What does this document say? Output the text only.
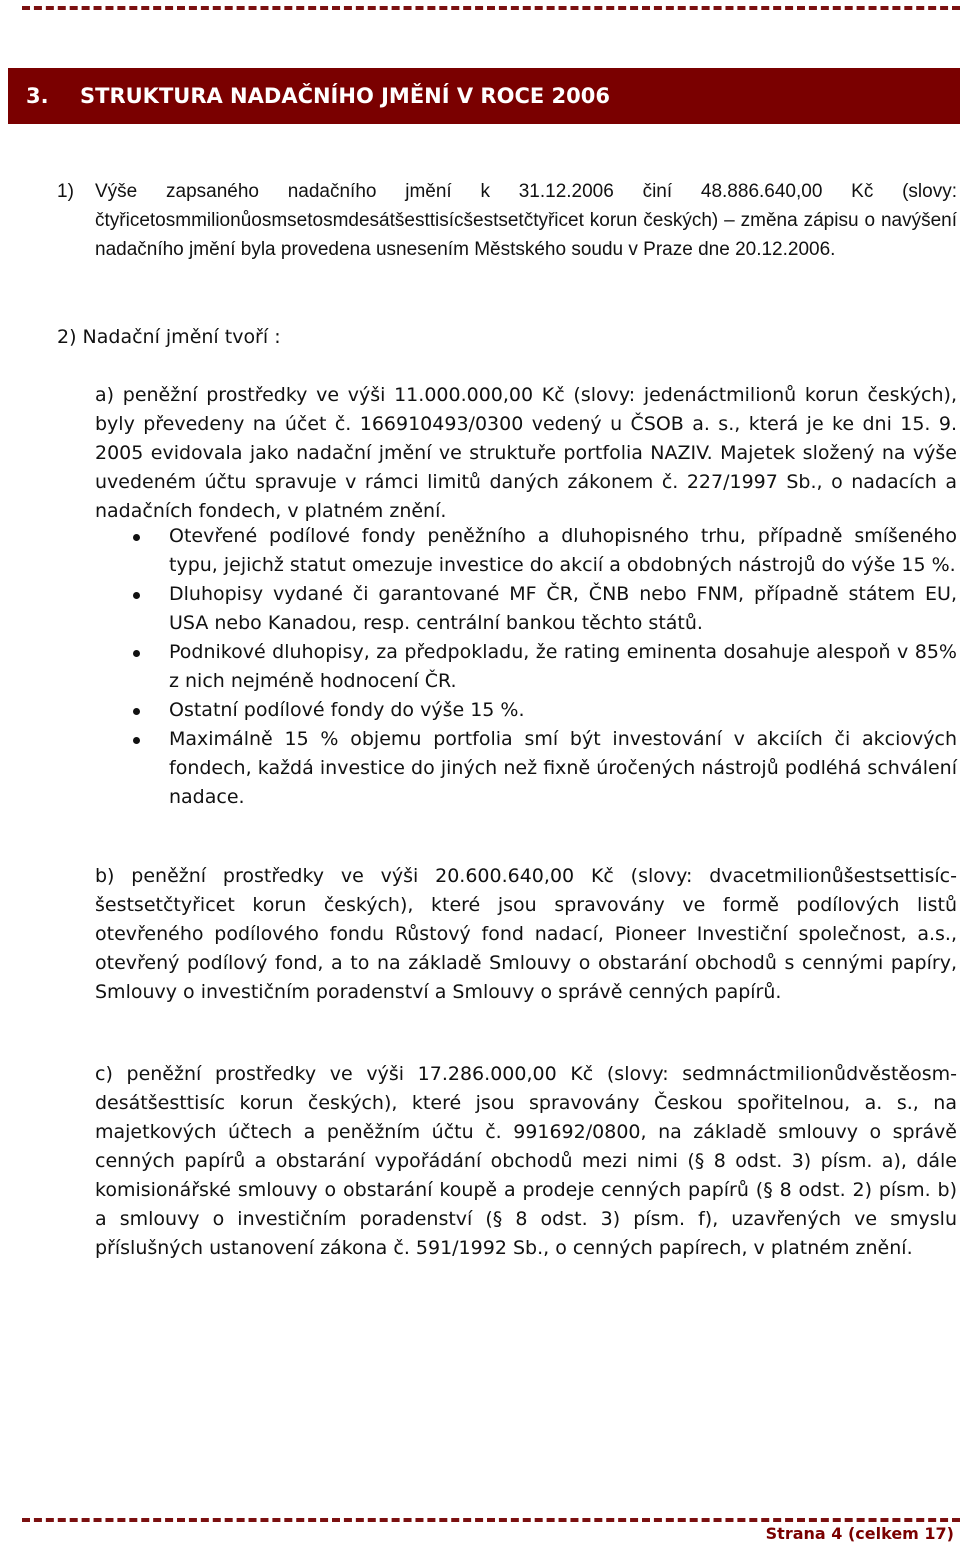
3. STRUKTURA NADAČNÍHO JMĚNÍ V ROCE 2006
1) Výše zapsaného nadačního jmění k 31.12.2006 činí 48.886.640,00 Kč (slovy: čtyřicetosmmilionůosmsetosmdesátšesttisícšestsetčtyřicet korun českých) – změna zápisu o navýšení nadačního jmění byla provedena usnesením Městského soudu v Praze dne 20.12.2006.

2) Nadační jmění tvoří :

a) peněžní prostředky ve výši 11.000.000,00 Kč (slovy: jedenáctmilionů korun českých), byly převedeny na účet č. 166910493/0300 vedený u ČSOB a. s., která je ke dni 15. 9. 2005 evidovala jako nadační jmění ve struktuře portfolia NAZIV. Majetek složený na výše uvedeném účtu spravuje v rámci limitů daných zákonem č. 227/1997 Sb., o nadacích a nadačních fondech, v platném znění.

Otevřené podílové fondy peněžního a dluhopisného trhu, případně smíšeného typu, jejichž statut omezuje investice do akcií a obdobných nástrojů do výše 15 %.
Dluhopisy vydané či garantované MF ČR, ČNB nebo FNM, případně státem EU, USA nebo Kanadou, resp. centrální bankou těchto států.
Podnikové dluhopisy, za předpokladu, že rating eminenta dosahuje alespoň v 85% z nich nejméně hodnocení ČR.
Ostatní podílové fondy do výše 15 %.
Maximálně 15 % objemu portfolia smí být investování v akciích či akciových fondech, každá investice do jiných než fixně úročených nástrojů podléhá schválení nadace.

b) peněžní prostředky ve výši 20.600.640,00 Kč (slovy: dvacetmilionůšestsettisíc-šestsetčtyřicet korun českých), které jsou spravovány ve formě podílových listů otevřeného podílového fondu Růstový fond nadací, Pioneer Investiční společnost, a.s., otevřený podílový fond, a to na základě Smlouvy o obstarání obchodů s cennými papíry, Smlouvy o investičním poradenství a Smlouvy o správě cenných papírů.

c) peněžní prostředky ve výši 17.286.000,00 Kč (slovy: sedmnáctmilionůdvěstěosm-desátšesttisíc korun českých), které jsou spravovány Českou spořitelnou, a. s., na majetkových účtech a peněžním účtu č. 991692/0800, na základě smlouvy o správě cenných papírů a obstarání vypořádání obchodů mezi nimi (§ 8 odst. 3) písm. a), dále komisionářské smlouvy o obstarání koupě a prodeje cenných papírů (§ 8 odst. 2) písm. b) a smlouvy o investičním poradenství (§ 8 odst. 3) písm. f), uzavřených ve smyslu příslušných ustanovení zákona č. 591/1992 Sb., o cenných papírech, v platném znění.

Strana 4 (celkem 17)
